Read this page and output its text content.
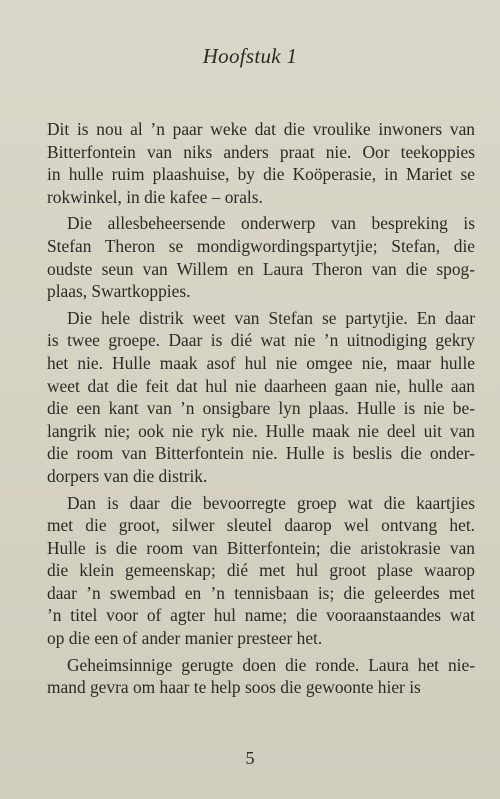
Hoofstuk 1
Dit is nou al ’n paar weke dat die vroulike inwoners van
Bitterfontein van niks anders praat nie. Oor teekoppies
in hulle ruim plaashuise, by die Koöperasie, in Mariet se
rokwinkel, in die kafee – orals.
Die allesbeheersende onderwerp van bespreking is
Stefan Theron se mondigwordingspartytjie; Stefan, die
oudste seun van Willem en Laura Theron van die spog-
plaas, Swartkoppies.
Die hele distrik weet van Stefan se partytjie. En daar
is twee groepe. Daar is dié wat nie ’n uitnodiging gekry
het nie. Hulle maak asof hul nie omgee nie, maar hulle
weet dat die feit dat hul nie daarheen gaan nie, hulle aan
die een kant van ’n onsigbare lyn plaas. Hulle is nie be-
langrik nie; ook nie ryk nie. Hulle maak nie deel uit van
die room van Bitterfontein nie. Hulle is beslis die onder-
dorpers van die distrik.
Dan is daar die bevoorregte groep wat die kaartjies
met die groot, silwer sleutel daarop wel ontvang het.
Hulle is die room van Bitterfontein; die aristokrasie van
die klein gemeenskap; dié met hul groot plase waarop
daar ’n swembad en ’n tennisbaan is; die geleerdes met
’n titel voor of agter hul name; die vooraanstaandes wat
op die een of ander manier presteer het.
Geheimsinnige gerugte doen die ronde. Laura het nie-
mand gevra om haar te help soos die gewoonte hier is
5
